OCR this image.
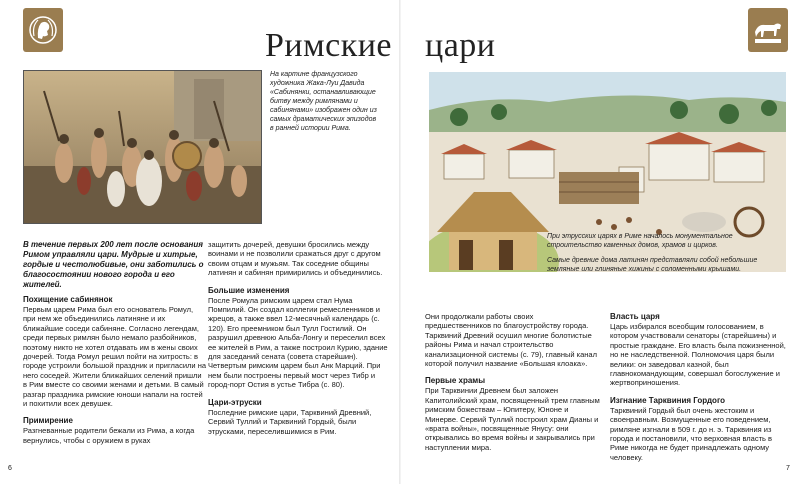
Римские цари
На картине французского художника Жака-Луи Давида «Сабинянки, останавливающие битву между римлянами и сабинянами» изображен один из самых драматических эпизодов в ранней истории Рима.
При этрусских царях в Риме началось монументальное строительство каменных домов, храмов и цирков.
Самые древние дома латинян представляли собой небольшие земляные или глиняные хижины с соломенными крышами.
В течение первых 200 лет после основания Римом управляли цари. Мудрые и хитрые, гордые и честолюбивые, они заботились о благосостоянии нового города и его жителей.
Похищение сабинянок

Первым царем Рима был его основатель Ромул, при нем же объединились латиняне и их ближайшие соседи сабиняне. Согласно легендам, среди первых римлян было немало разбойников, поэтому никто не хотел отдавать им в жены своих дочерей. Тогда Ромул решил пойти на хитрость: в городе устроили большой праздник и пригласили на него соседей. Жители ближайших селений пришли в Рим вместе со своими женами и детьми. В самый разгар праздника римские юноши напали на гостей и похитили всех девушек.

Примирение

Разгневанные родители бежали из Рима, а когда вернулись, чтобы с оружием в руках

защитить дочерей, девушки бросились между воинами и не позволили сражаться друг с другом своим отцам и мужьям. Так соседние общины латинян и сабинян примирились и объединились.

Большие изменения

После Ромула римским царем стал Нума Помпилий. Он создал коллегии ремесленников и жрецов, а также ввел 12-месячный календарь (с. 120). Его преемником был Тулл Гостилий. Он разрушил древнюю Альба-Лонгу и переселил всех ее жителей в Рим, а также построил Курию, здание для заседаний сената (совета старейшин). Четвертым римским царем был Анк Марций. При нем были построены первый мост через Тибр и город-порт Остия в устье Тибра (с. 80).

Цари-этруски

Последние римские цари, Тарквиний Древний, Сервий Туллий и Тарквиний Гордый, были этрусками, переселившимися в Рим.

Они продолжали работы своих предшественников по благоустройству города. Тарквиний Древний осушил многие болотистые районы Рима и начал строительство канализационной системы (с. 79), главный канал которой получил название «Большая клоака».

Первые храмы

При Тарквинии Древнем был заложен Капитолийский храм, посвященный трем главным римским божествам – Юпитеру, Юноне и Минерве. Сервий Туллий построил храм Дианы и «врата войны», посвященные Янусу: они открывались во время войны и закрывались при наступлении мира.

Власть царя

Царь избирался всеобщим голосованием, в котором участвовали сенаторы (старейшины) и простые граждане. Его власть была пожизненной, но не наследственной. Полномочия царя были велики: он заведовал казной, был главнокомандующим, совершал богослужение и жертвоприношения.

Изгнание Тарквиния Гордого

Тарквиний Гордый был очень жестоким и своенравным. Возмущенные его поведением, римляне изгнали в 509 г. до н. э. Тарквиния из города и постановили, что верховная власть в Риме никогда не будет принадлежать одному человеку.

6	7
